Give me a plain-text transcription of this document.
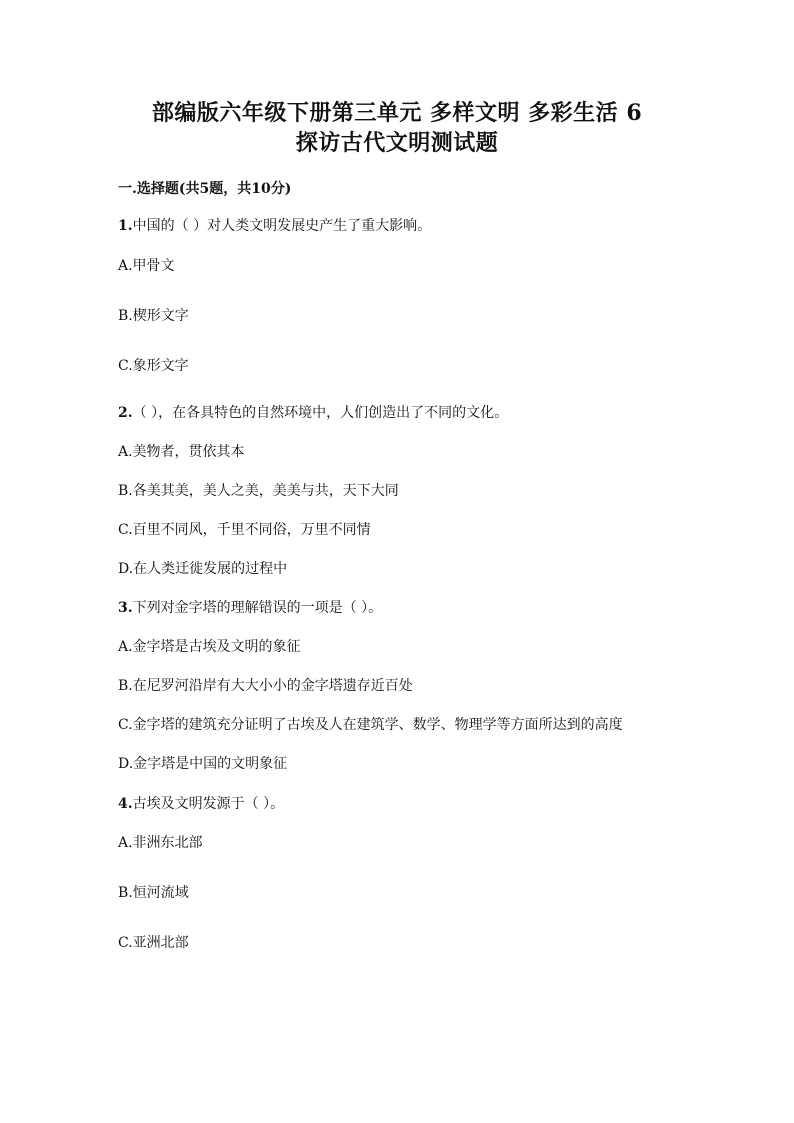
部编版六年级下册第三单元 多样文明 多彩生活 6
探访古代文明测试题
一.选择题(共5题，共10分)
1.中国的（ ）对人类文明发展史产生了重大影响。
A.甲骨文
B.楔形文字
C.象形文字
2.（ ），在各具特色的自然环境中，人们创造出了不同的文化。
A.美物者，贯依其本
B.各美其美，美人之美，美美与共，天下大同
C.百里不同风，千里不同俗，万里不同情
D.在人类迁徙发展的过程中
3.下列对金字塔的理解错误的一项是（ ）。
A.金字塔是古埃及文明的象征
B.在尼罗河沿岸有大大小小的金字塔遗存近百处
C.金字塔的建筑充分证明了古埃及人在建筑学、数学、物理学等方面所达到的高度
D.金字塔是中国的文明象征
4.古埃及文明发源于（ ）。
A.非洲东北部
B.恒河流域
C.亚洲北部
